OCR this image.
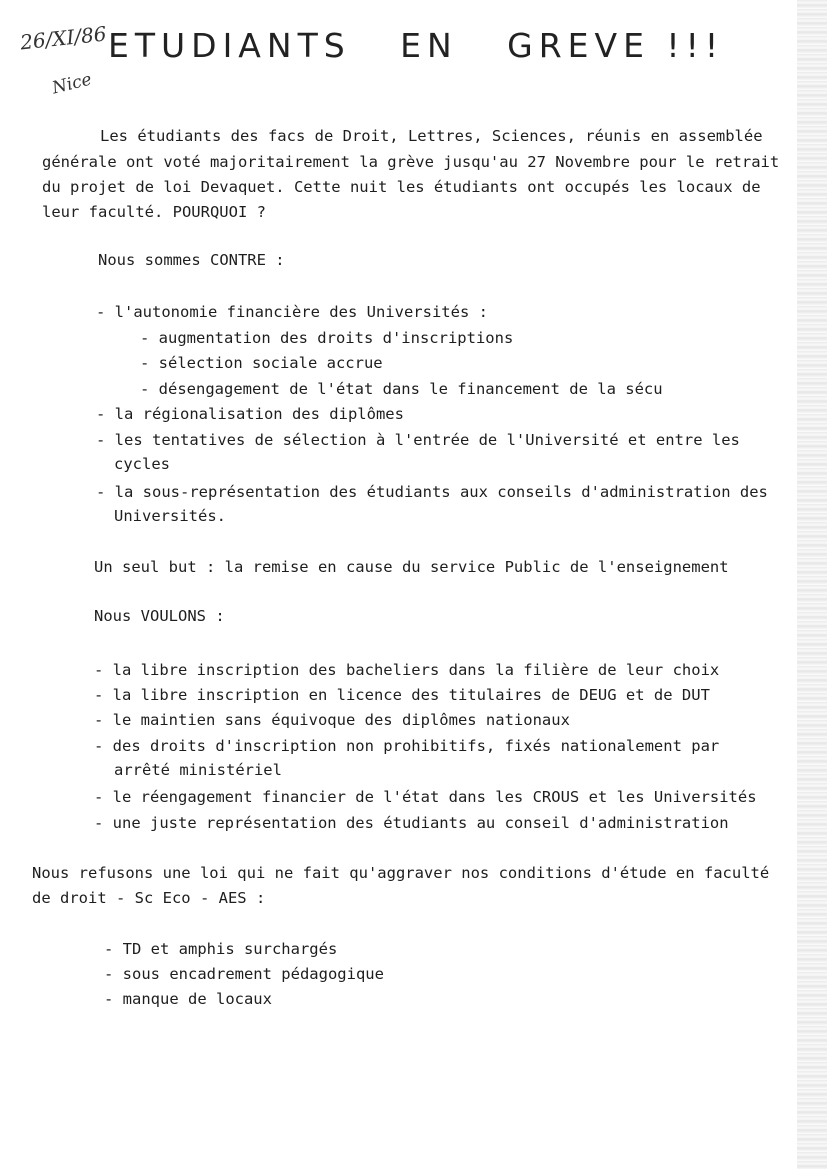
26/XI/86
Nice
ETUDIANTS   EN   GREVE !!!

Les étudiants des facs de Droit, Lettres, Sciences, réunis en assemblée

générale ont voté majoritairement la grève jusqu'au 27 Novembre pour le retrait

du projet de loi Devaquet. Cette nuit les étudiants ont occupés les locaux de

leur faculté. POURQUOI ?

Nous sommes CONTRE :

- l'autonomie financière des Universités :

- augmentation des droits d'inscriptions

- sélection sociale accrue

- désengagement de l'état dans le financement de la sécu

- la régionalisation des diplômes

- les tentatives de sélection à l'entrée de l'Université et entre les

cycles

- la sous-représentation des étudiants aux conseils d'administration des

Universités.

Un seul but : la remise en cause du service Public de l'enseignement

Nous VOULONS :

- la libre inscription des bacheliers dans la filière de leur choix

- la libre inscription en licence des titulaires de DEUG et de DUT

- le maintien sans équivoque des diplômes nationaux

- des droits d'inscription non prohibitifs, fixés nationalement par

arrêté ministériel

- le réengagement financier de l'état dans les CROUS et les Universités

- une juste représentation des étudiants au conseil d'administration

Nous refusons une loi qui ne fait qu'aggraver nos conditions d'étude en faculté

de droit - Sc Eco - AES :

- TD et amphis surchargés

- sous encadrement pédagogique

- manque de locaux
